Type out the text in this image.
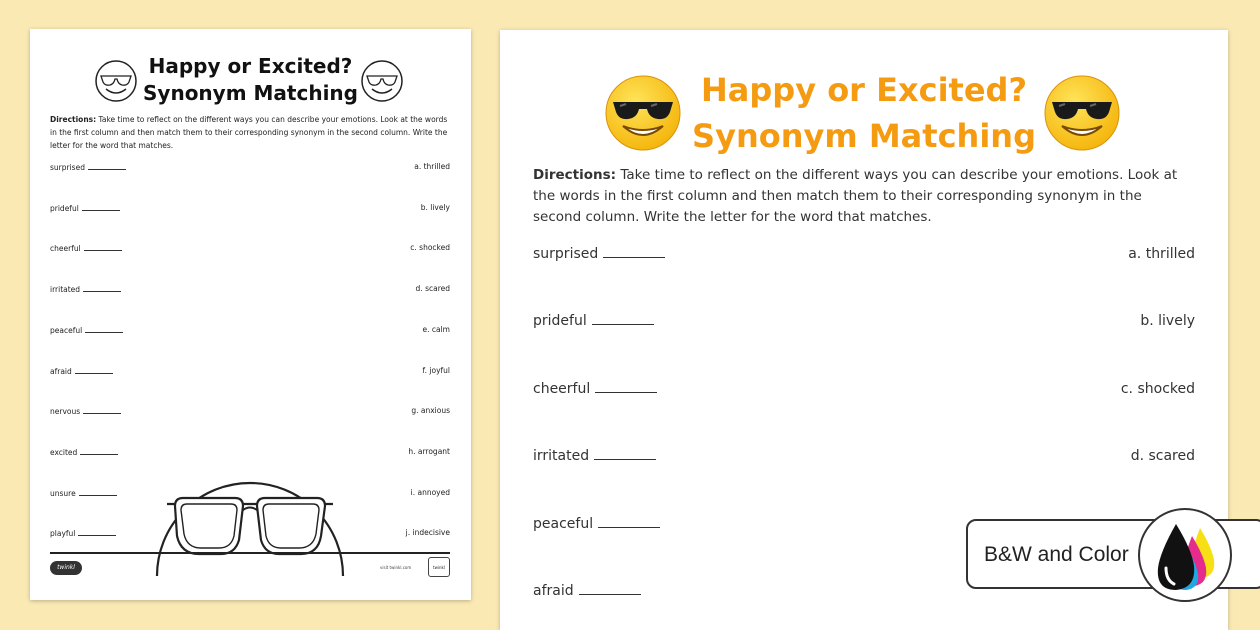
Happy or Excited?
Synonym Matching
Directions: Take time to reflect on the different ways you can describe your emotions. Look at the words in the first column and then match them to their corresponding synonym in the second column. Write the letter for the word that matches.
surprised	a. thrilled
prideful	b. lively
cheerful	c. shocked
irritated	d. scared
peaceful	e. calm
afraid	f. joyful
nervous	g. anxious
excited	h. arrogant
unsure	i. annoyed
playful	j. indecisive
twinkl	visit twinkl.com	twinkl
Happy or Excited?
Synonym Matching
Directions: Take time to reflect on the different ways you can describe your emotions. Look at the words in the first column and then match them to their corresponding synonym in the second column. Write the letter for the word that matches.
surprised	a. thrilled
prideful	b. lively
cheerful	c. shocked
irritated	d. scared
peaceful
afraid
B&W and Color
